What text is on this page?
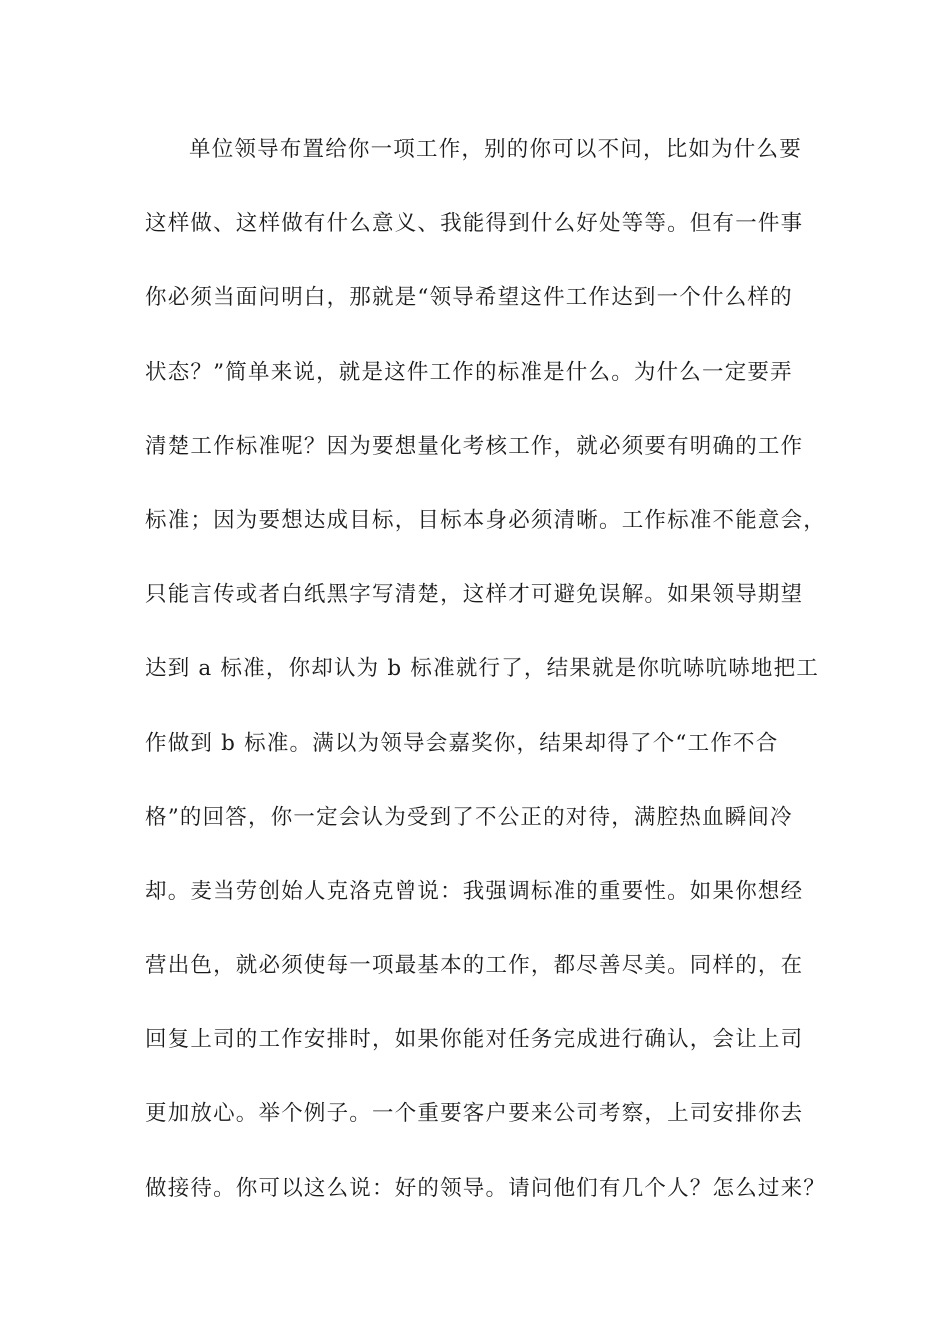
单位领导布置给你一项工作，别的你可以不问，比如为什么要
这样做、这样做有什么意义、我能得到什么好处等等。但有一件事
你必须当面问明白，那就是“领导希望这件工作达到一个什么样的
状态？”简单来说，就是这件工作的标准是什么。为什么一定要弄
清楚工作标准呢？因为要想量化考核工作，就必须要有明确的工作
标准；因为要想达成目标，目标本身必须清晰。工作标准不能意会，
只能言传或者白纸黑字写清楚，这样才可避免误解。如果领导期望
达到 a 标准，你却认为 b 标准就行了，结果就是你吭哧吭哧地把工
作做到 b 标准。满以为领导会嘉奖你，结果却得了个“工作不合
格”的回答，你一定会认为受到了不公正的对待，满腔热血瞬间冷
却。麦当劳创始人克洛克曾说：我强调标准的重要性。如果你想经
营出色，就必须使每一项最基本的工作，都尽善尽美。同样的，在
回复上司的工作安排时，如果你能对任务完成进行确认，会让上司
更加放心。举个例子。一个重要客户要来公司考察，上司安排你去
做接待。你可以这么说：好的领导。请问他们有几个人？怎么过来？
